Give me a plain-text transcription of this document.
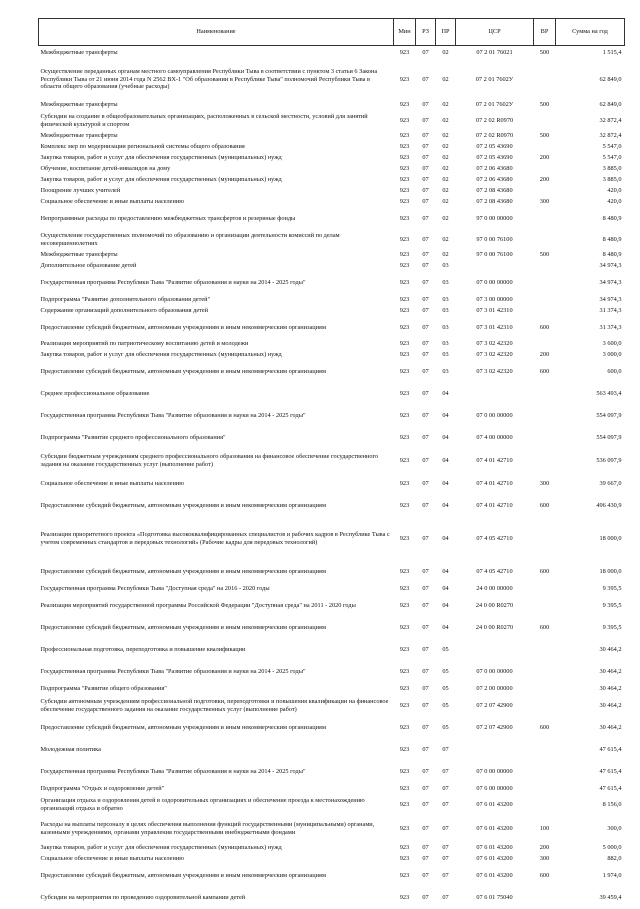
Наименование	Мин	РЗ	ПР	ЦСР	ВР	Сумма на год
Межбюджетные трансферты	923	07	02	07 2 01 76021	500	1 515,4
Осуществление переданных органам местного самоуправления Республики Тыва в соответствии с пунктом 3 статьи 6 Закона Республики Тыва от 21 июня 2014 года N 2562 ВХ-1 "Об образовании в Республике Тыва" полномочий Республики Тыва в области общего образования (учебные расходы)	923	07	02	07 2 01 7602У		62 849,0
Межбюджетные трансферты	923	07	02	07 2 01 7602У	500	62 849,0
Субсидии на создание в общеобразовательных организациях, расположенных в сельской местности, условий для занятий физической культурой и спортом	923	07	02	07 2 02 R0970		32 872,4
Межбюджетные трансферты	923	07	02	07 2 02 R0970	500	32 872,4
Комплекс мер по модернизации региональной системы общего образования	923	07	02	07 2 05 43690		5 547,0
Закупка товаров, работ и услуг для обеспечения государственных (муниципальных) нужд	923	07	02	07 2 05 43690	200	5 547,0
Обучение, воспитание детей-инвалидов на дому	923	07	02	07 2 06 43680		3 885,0
Закупка товаров, работ и услуг для обеспечения государственных (муниципальных) нужд	923	07	02	07 2 06 43680	200	3 885,0
Поощрение лучших учителей	923	07	02	07 2 08 43680		420,0
Социальное обеспечение и иные выплаты населению	923	07	02	07 2 08 43680	300	420,0
Непрограммные расходы по предоставлению межбюджетных трансфертов и резервные фонды	923	07	02	97 0 00 00000		8 480,9
Осуществление государственных полномочий по образованию и организации деятельности комиссий по делам несовершеннолетних	923	07	02	97 0 00 76100		8 480,9
Межбюджетные трансферты	923	07	02	97 0 00 76100	500	8 480,9
Дополнительное образование детей	923	07	03			34 974,3
Государственная программа Республики Тыва "Развитие образования и науки на 2014 - 2025 годы"	923	07	03	07 0 00 00000		34 974,3
Подпрограмма "Развитие дополнительного образования детей"	923	07	03	07 3 00 00000		34 974,3
Содержание организаций дополнительного образования детей	923	07	03	07 3 01 42310		31 374,3
Предоставление субсидий бюджетным, автономным учреждениям и иным некоммерческим организациям	923	07	03	07 3 01 42310	600	31 374,3
Реализация мероприятий по патриотическому воспитанию детей и молодежи	923	07	03	07 3 02 42320		3 600,0
Закупка товаров, работ и услуг для обеспечения государственных (муниципальных) нужд	923	07	03	07 3 02 42320	200	3 000,0
Предоставление субсидий бюджетным, автономным учреждениям и иным некоммерческим организациям	923	07	03	07 3 02 42320	600	600,0
Среднее профессиональное образование	923	07	04			563 493,4
Государственная программа Республики Тыва "Развитие образования и науки на 2014 - 2025 годы"	923	07	04	07 0 00 00000		554 097,9
Подпрограмма "Развитие среднего профессионального образования"	923	07	04	07 4 00 00000		554 097,9
Субсидии бюджетным учреждениям среднего профессионального образования на финансовое обеспечение государственного задания на оказание государственных услуг (выполнение работ)	923	07	04	07 4 01 42710		536 097,9
Социальное обеспечение и иные выплаты населению	923	07	04	07 4 01 42710	300	39 667,0
Предоставление субсидий бюджетным, автономным учреждениям и иным некоммерческим организациям	923	07	04	07 4 01 42710	600	496 430,9
Реализация приоритетного проекта «Подготовка высококвалифицированных специалистов и рабочих кадров в Республике Тыва с учетом современных стандартов и передовых технологий» (Рабочие кадры для передовых технологий)	923	07	04	07 4 05 42710		18 000,0
Предоставление субсидий бюджетным, автономным учреждениям и иным некоммерческим организациям	923	07	04	07 4 05 42710	600	18 000,0
Государственная программа Республики Тыва "Доступная среда" на 2016 - 2020 годы	923	07	04	24 0 00 00000		9 395,5
Реализация мероприятий государственной программы Российской Федерации "Доступная среда" на 2011 - 2020 годы	923	07	04	24 0 00 R0270		9 395,5
Предоставление субсидий бюджетным, автономным учреждениям и иным некоммерческим организациям	923	07	04	24 0 00 R0270	600	9 395,5
Профессиональная подготовка, переподготовка и повышение квалификации	923	07	05			30 464,2
Государственная программа Республики Тыва "Развитие образования и науки на 2014 - 2025 годы"	923	07	05	07 0 00 00000		30 464,2
Подпрограмма "Развитие общего образования"	923	07	05	07 2 00 00000		30 464,2
Субсидии автономным учреждениям профессиональной подготовки, переподготовки и повышения квалификации на финансовое обеспечение государственного задания на оказание государственных услуг (выполнение работ)	923	07	05	07 2 07 42900		30 464,2
Предоставление субсидий бюджетным, автономным учреждениям и иным некоммерческим организациям	923	07	05	07 2 07 42900	600	30 464,2
Молодежная политика	923	07	07			47 615,4
Государственная программа Республики Тыва "Развитие образования и науки на 2014 - 2025 годы"	923	07	07	07 0 00 00000		47 615,4
Подпрограмма "Отдых и оздоровление детей"	923	07	07	07 6 00 00000		47 615,4
Организация отдыха и оздоровления детей в оздоровительных организациях и обеспечение проезда к местонахождению организаций отдыха и обратно	923	07	07	07 6 01 43200		8 156,0
Расходы на выплаты персоналу в целях обеспечения выполнения функций государственными (муниципальными) органами, казенными учреждениями, органами управления государственными внебюджетными фондами	923	07	07	07 6 01 43200	100	300,0
Закупка товаров, работ и услуг для обеспечения государственных (муниципальных) нужд	923	07	07	07 6 01 43200	200	5 000,0
Социальное обеспечение и иные выплаты населению	923	07	07	07 6 01 43200	300	882,0
Предоставление субсидий бюджетным, автономным учреждениям и иным некоммерческим организациям	923	07	07	07 6 01 43200	600	1 974,0
Субсидии на мероприятия по проведению оздоровительной кампании детей	923	07	07	07 6 01 75040		39 459,4
